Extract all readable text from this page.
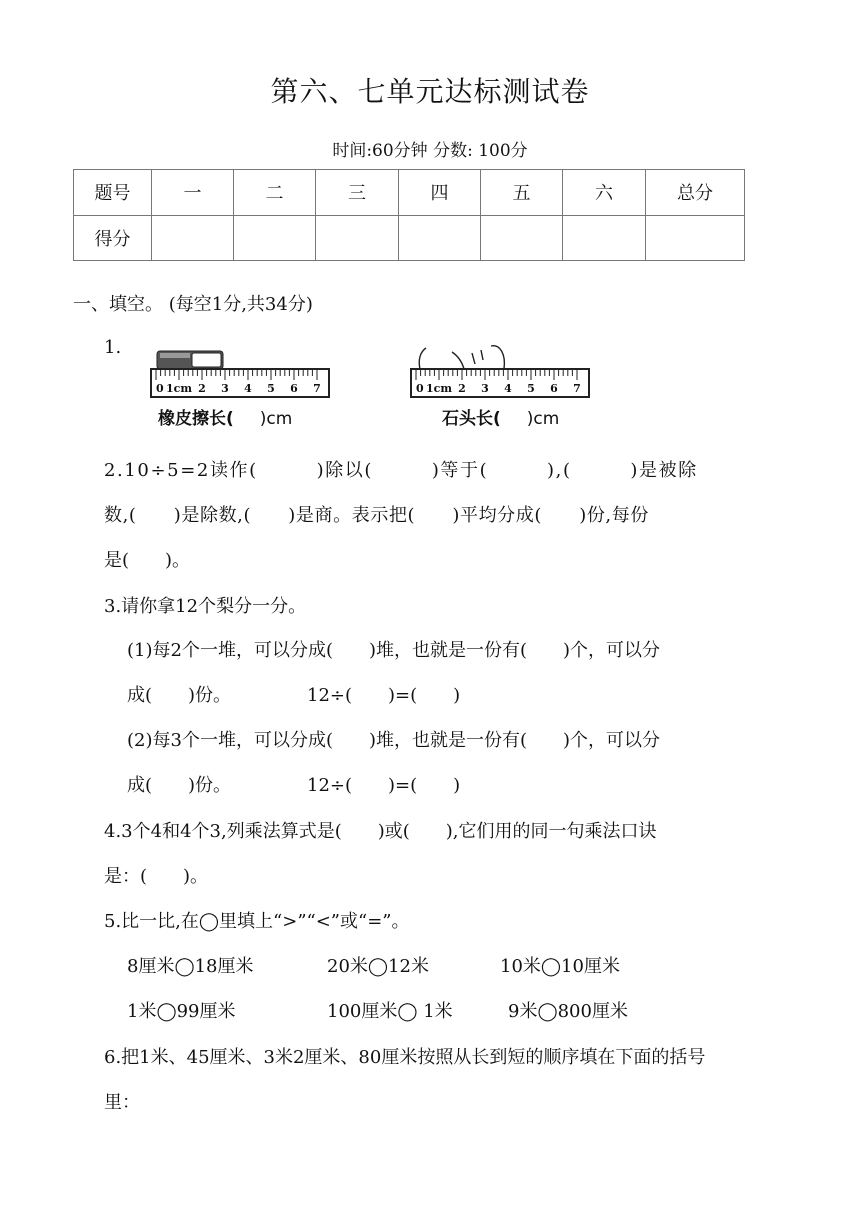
第六、七单元达标测试卷
时间:60分钟 分数: 100分
题号	一	二	三	四	五	六	总分
得分							
一、填空。 (每空1分,共34分)
1.
0 1cm 2 3 4 5 6 7
橡皮擦长( )cm
0 1cm 2 3 4 5 6 7
石头长( )cm
2.10÷5=2读作(　　　)除以(　　　)等于(　　　),(　　　)是被除
数,(　　)是除数,(　　)是商。表示把(　　)平均分成(　　)份,每份
是(　　)。
3.请你拿12个梨分一分。
(1)每2个一堆，可以分成(　　)堆，也就是一份有(　　)个，可以分
成(　　)份。	12÷(　　)=(　　)
(2)每3个一堆，可以分成(　　)堆，也就是一份有(　　)个，可以分
成(　　)份。	12÷(　　)=(　　)
4.3个4和4个3,列乘法算式是(　　)或(　　),它们用的同一句乘法口诀
是：(　　)。
5.比一比,在◯里填上“>”“<”或“=”。
8厘米◯18厘米	20米◯12米	10米◯10厘米
1米◯99厘米	100厘米◯ 1米	9米◯800厘米
6.把1米、45厘米、3米2厘米、80厘米按照从长到短的顺序填在下面的括号
里：
